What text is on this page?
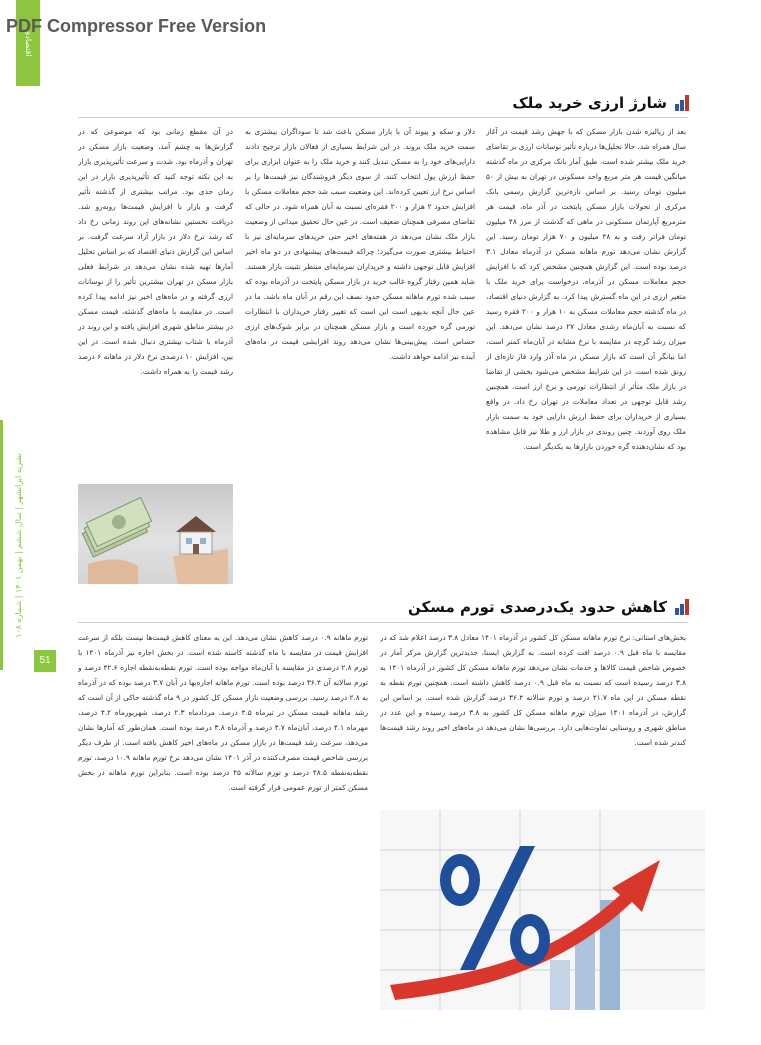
PDF Compressor Free Version
اقتصادی
نشریه ایرانشهر | سال ششم | بهمن ۱۴۰۱ | شماره ۱۰۸
51
شارژ ارزی خرید ملک

بعد از ریالیزه شدن بازار مسکن که با جهش رشد قیمت در آغاز سال همراه شد، حالا تحلیل‌ها درباره تأثیر نوسانات ارزی بر تقاضای خرید ملک بیشتر شده است. طبق آمار بانک مرکزی در ماه گذشته میانگین قیمت هر متر مربع واحد مسکونی در تهران به بیش از ۵۰ میلیون تومان رسید. بر اساس تازه‌ترین گزارش رسمی بانک مرکزی از تحولات بازار مسکن پایتخت در آذر ماه، قیمت هر مترمربع آپارتمان مسکونی در ماهی که گذشت از مرز ۴۸ میلیون تومان فراتر رفت و به ۴۸ میلیون و ۷۰ هزار تومان رسید. این گزارش نشان می‌دهد تورم ماهانه مسکن در آذرماه معادل ۳.۱ درصد بوده است. این گزارش همچنین مشخص کرد که با افزایش حجم معاملات مسکن در آذرماه، درخواست برای خرید ملک با متغیر ارزی در این ماه گسترش پیدا کرد. به گزارش دنیای اقتصاد، در ماه گذشته حجم معاملات مسکن به ۱۰ هزار و ۲۰۰ فقره رسید که نسبت به آبان‌ماه رشدی معادل ۲۷ درصد نشان می‌دهد. این میزان رشد گرچه در مقایسه با نرخ مشابه در آبان‌ماه کمتر است، اما بیانگر آن است که بازار مسکن در ماه آذر وارد فاز تازه‌ای از رونق شده است. در این شرایط مشخص می‌شود بخشی از تقاضا در بازار ملک متأثر از انتظارات تورمی و نرخ ارز است. همچنین رشد قابل توجهی در تعداد معاملات در تهران رخ داد. در واقع بسیاری از خریداران برای حفظ ارزش دارایی خود به سمت بازار ملک روی آوردند. چنین روندی در بازار ارز و طلا نیز قابل مشاهده بود که نشان‌دهنده گره خوردن بازارها به یکدیگر است.

دلار و سکه و پیوند آن با بازار مسکن باعث شد تا سوداگران بیشتری به سمت خرید ملک بروند. در این شرایط بسیاری از فعالان بازار ترجیح دادند دارایی‌های خود را به مسکن تبدیل کنند و خرید ملک را به عنوان ابزاری برای حفظ ارزش پول انتخاب کنند. از سوی دیگر فروشندگان نیز قیمت‌ها را بر اساس نرخ ارز تعیین کرده‌اند. این وضعیت سبب شد حجم معاملات مسکن با افزایش حدود ۲ هزار و ۲۰۰ فقره‌ای نسبت به آبان همراه شود. در حالی که تقاضای مصرفی همچنان ضعیف است. در عین حال تحقیق میدانی از وضعیت بازار ملک نشان می‌دهد در هفته‌های اخیر حتی خریدهای سرمایه‌ای نیز با احتیاط بیشتری صورت می‌گیرد؛ چراکه قیمت‌های پیشنهادی در دو ماه اخیر افزایش قابل توجهی داشته و خریداران سرمایه‌ای منتظر تثبیت بازار هستند. شاید همین رفتار گروه غالب خرید در بازار مسکن پایتخت در آذرماه بوده که سبب شده تورم ماهانه مسکن حدود نصف این رقم در آبان ماه باشد. ما در عین حال آنچه بدیهی است این است که تغییر رفتار خریداران با انتظارات تورمی گره خورده است و بازار مسکن همچنان در برابر شوک‌های ارزی حساس است. پیش‌بینی‌ها نشان می‌دهد روند افزایشی قیمت در ماه‌های آینده نیز ادامه خواهد داشت.

در آن مقطع زمانی بود که موضوعی که در گزارش‌ها به چشم آمد، وضعیت بازار مسکن در تهران و آذرماه بود. شدت و سرعت تأثیرپذیری بازار به این نکته توجه کنید که تأثیرپذیری بازار در این زمان جدی بود. مراتب بیشتری از گذشته تأثیر گرفت و بازار با افزایش قیمت‌ها روبه‌رو شد. دریافت نخستین نشانه‌های این روند زمانی رخ داد که رشد نرخ دلار در بازار آزاد سرعت گرفت. بر اساس این گزارش دنیای اقتصاد که بر اساس تحلیل آمارها تهیه شده نشان می‌دهد در شرایط فعلی بازار مسکن در تهران بیشترین تأثیر را از نوسانات ارزی گرفته و در ماه‌های اخیر نیز ادامه پیدا کرده است. در مقایسه با ماه‌های گذشته، قیمت مسکن در بیشتر مناطق شهری افزایش یافته و این روند در آذرماه با شتاب بیشتری دنبال شده است. در این بین، افزایش ۱۰ درصدی نرخ دلار در ماهانه ۶ درصد رشد قیمت را به همراه داشت.

کاهش حدود یک‌درصدی تورم مسکن

بخش‌های استانی: نرخ تورم ماهانه مسکن کل کشور در آذرماه ۱۴۰۱ معادل ۳.۸ درصد اعلام شد که در مقایسه با ماه قبل ۰.۹ درصد افت کرده است. به گزارش ایسنا، جدیدترین گزارش مرکز آمار در خصوص شاخص قیمت کالاها و خدمات نشان می‌دهد تورم ماهانه مسکن کل کشور در آذرماه ۱۴۰۱ به ۳.۸ درصد رسیده است که نسبت به ماه قبل ۰.۹ درصد کاهش داشته است. همچنین تورم نقطه به نقطه مسکن در این ماه ۴۱.۷ درصد و تورم سالانه ۳۶.۴ درصد گزارش شده است. بر اساس این گزارش، در آذرماه ۱۴۰۱ میزان تورم ماهانه مسکن کل کشور به ۳.۸ درصد رسیده و این عدد در مناطق شهری و روستایی تفاوت‌هایی دارد. بررسی‌ها نشان می‌دهد در ماه‌های اخیر روند رشد قیمت‌ها کندتر شده است.

تورم ماهانه ۰.۹ درصد کاهش نشان می‌دهد. این به معنای کاهش قیمت‌ها نیست بلکه از سرعت افزایش قیمت در مقایسه با ماه گذشته کاسته شده است. در بخش اجاره نیز آذرماه ۱۴۰۱ با تورم ۲.۸ درصدی در مقایسه با آبان‌ماه مواجه بوده است. تورم نقطه‌به‌نقطه اجاره ۴۲.۶ درصد و تورم سالانه آن ۳۶.۴ درصد بوده است. تورم ماهانه اجاره‌بها در آبان ۳.۷ درصد بوده که در آذرماه به ۲.۸ درصد رسید. بررسی وضعیت بازار مسکن کل کشور در ۹ ماه گذشته حاکی از آن است که رشد ماهانه قیمت مسکن در تیرماه ۴.۵ درصد، مردادماه ۲.۳ درصد، شهریورماه ۴.۲ درصد، مهرماه ۴.۱ درصد، آبان‌ماه ۴.۷ درصد و آذرماه ۳.۸ درصد بوده است. همان‌طور که آمارها نشان می‌دهد، سرعت رشد قیمت‌ها در بازار مسکن در ماه‌های اخیر کاهش یافته است. از طرف دیگر بررسی شاخص قیمت مصرف‌کننده در آذر ۱۴۰۱ نشان می‌دهد نرخ تورم ماهانه ۱۰.۹ درصد، تورم نقطه‌به‌نقطه ۴۸.۵ درصد و تورم سالانه ۴۵ درصد بوده است. بنابراین تورم ماهانه در بخش مسکن کمتر از تورم عمومی قرار گرفته است.
